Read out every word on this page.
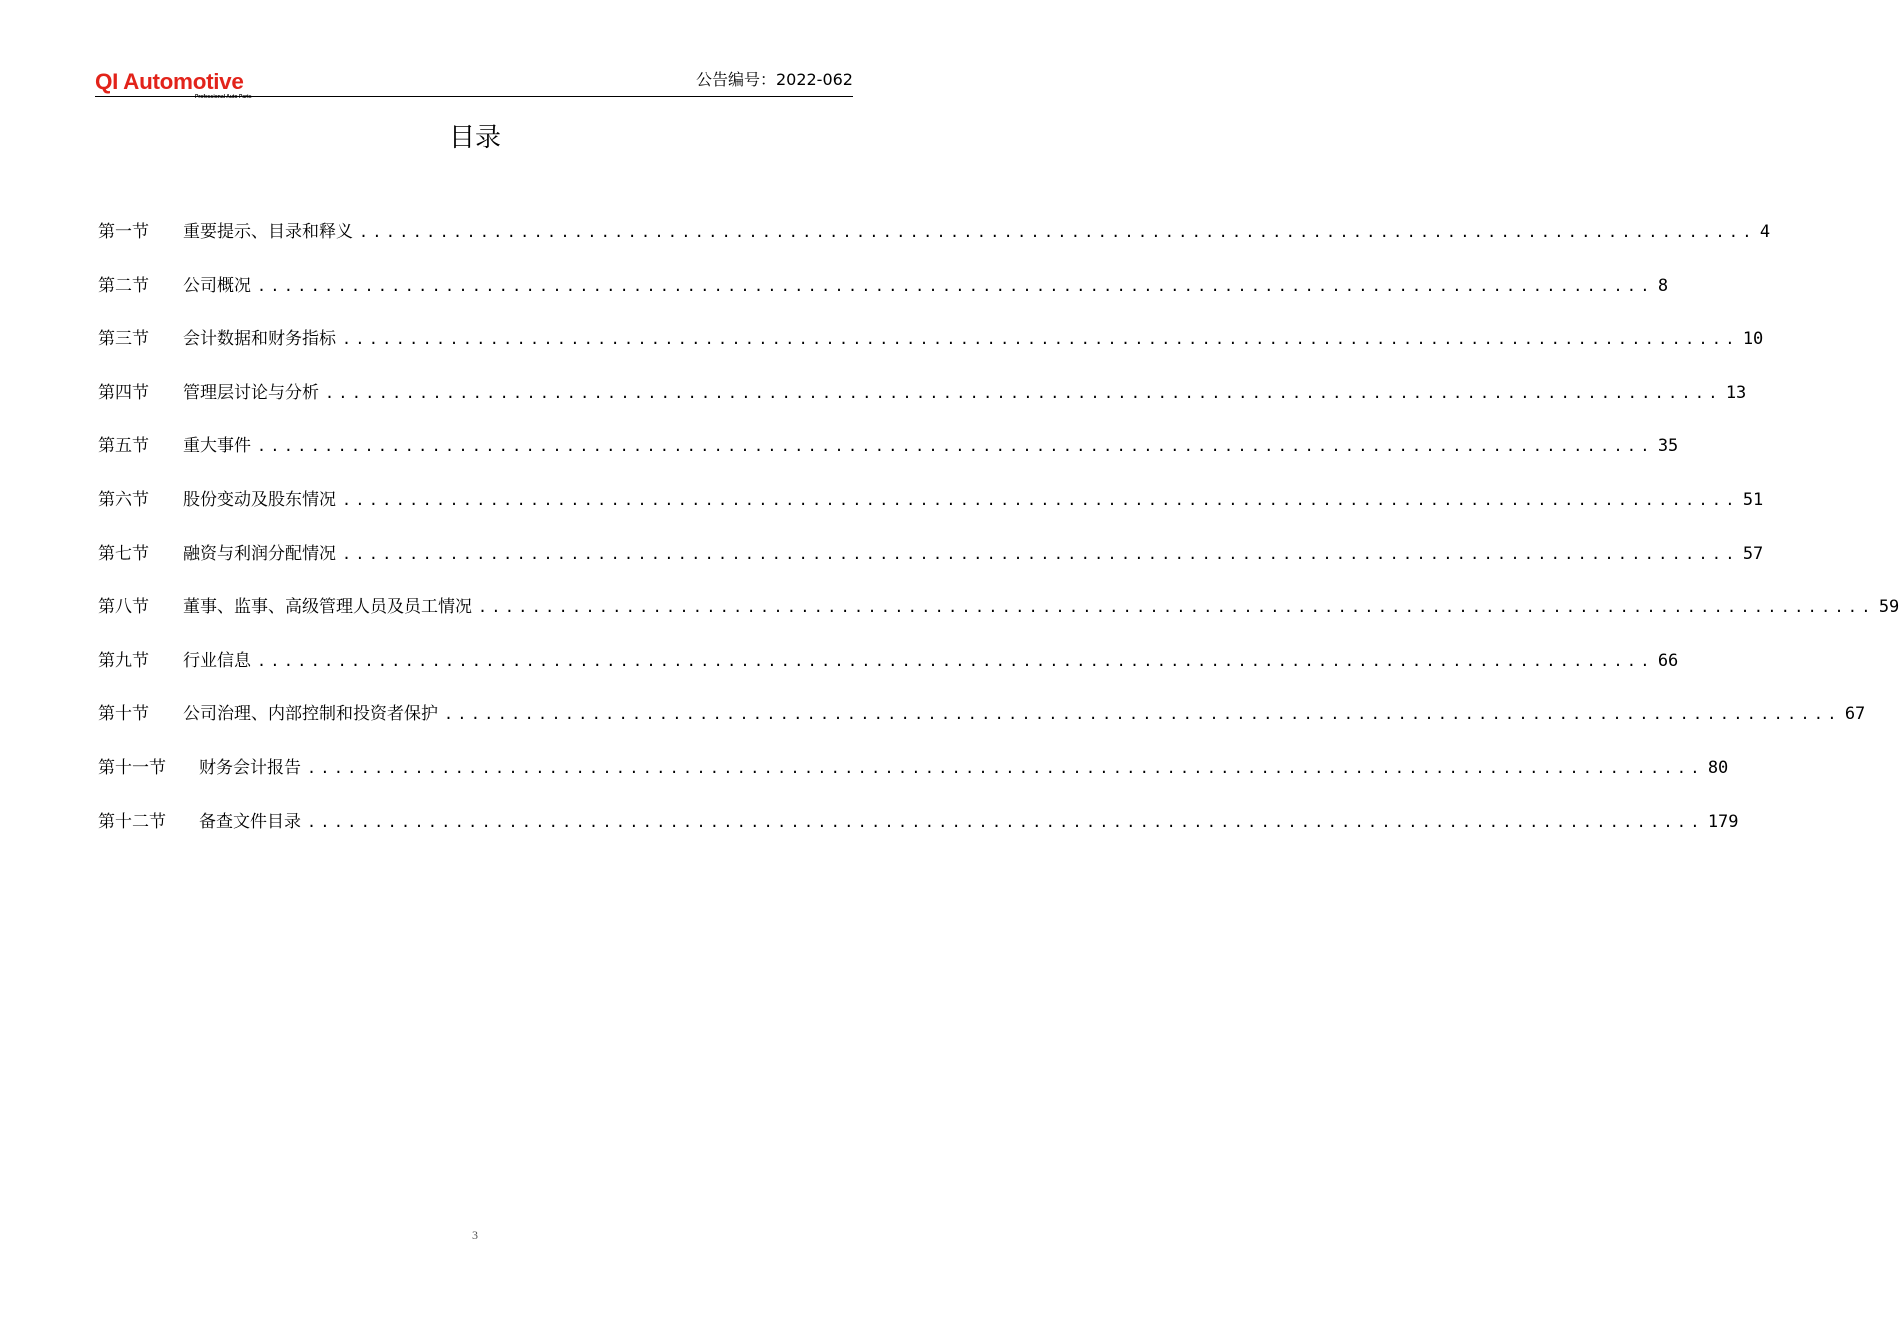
QI Automotive
Professional Auto Parts
公告编号：2022-062
目录
第一节	重要提示、目录和释义 ........................................................................................................ 4
第二节	公司概况 ........................................................................................................ 8
第三节	会计数据和财务指标 ........................................................................................................ 10
第四节	管理层讨论与分析 ........................................................................................................ 13
第五节	重大事件 ........................................................................................................ 35
第六节	股份变动及股东情况 ........................................................................................................ 51
第七节	融资与利润分配情况 ........................................................................................................ 57
第八节	董事、监事、高级管理人员及员工情况 ........................................................................................................ 59
第九节	行业信息 ........................................................................................................ 66
第十节	公司治理、内部控制和投资者保护 ........................................................................................................ 67
第十一节	财务会计报告 ........................................................................................................ 80
第十二节	备查文件目录 ........................................................................................................ 179
3
